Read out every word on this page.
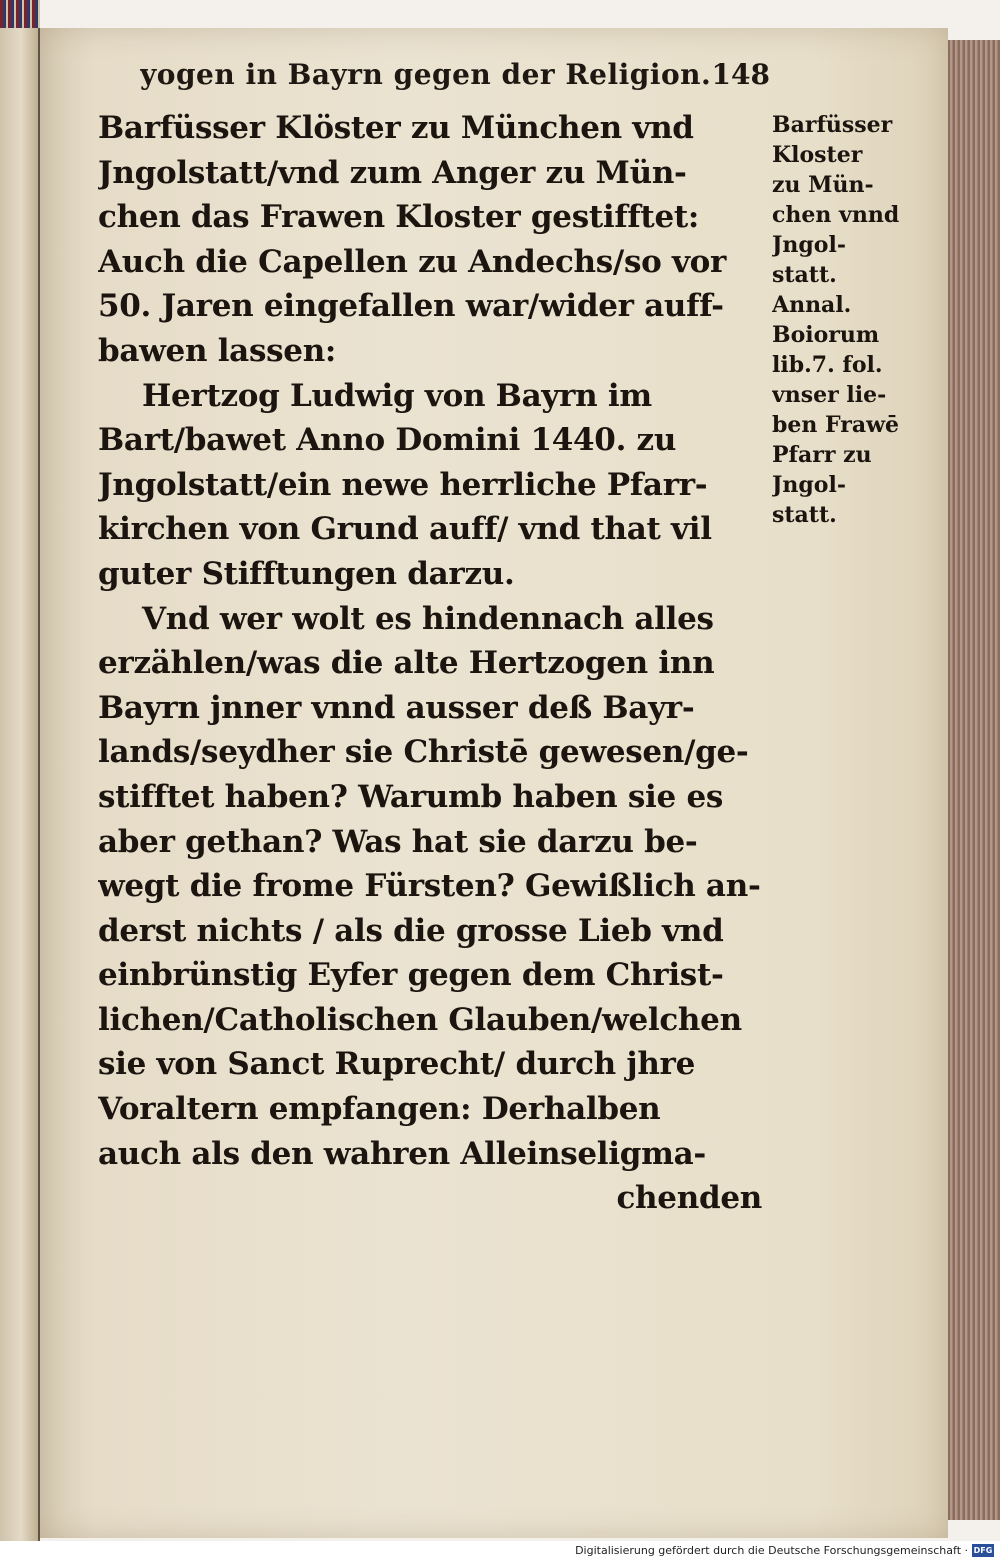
yogen in Bayrn gegen der Religion. 148
Barfüsser Klöster zu München vnd
Jngolstatt/vnd zum Anger zu Mün-
chen das Frawen Kloster gestifftet:
Auch die Capellen zu Andechs/so vor
50. Jaren eingefallen war/wider auff-
bawen lassen:
Hertzog Ludwig von Bayrn im
Bart/bawet Anno Domini 1440. zu
Jngolstatt/ein newe herrliche Pfarr-
kirchen von Grund auff/ vnd that vil
guter Stifftungen darzu.
Vnd wer wolt es hindennach alles
erzählen/was die alte Hertzogen inn
Bayrn jnner vnnd ausser deß Bayr-
lands/seydher sie Christē gewesen/ge-
stifftet haben? Warumb haben sie es
aber gethan? Was hat sie darzu be-
wegt die frome Fürsten? Gewißlich an-
derst nichts / als die grosse Lieb vnd
einbrünstig Eyfer gegen dem Christ-
lichen/Catholischen Glauben/welchen
sie von Sanct Ruprecht/ durch jhre
Voraltern empfangen: Derhalben
auch als den wahren Alleinseligma-
chenden
Barfüsser
Kloster
zu Mün-
chen vnnd
Jngol-
statt.
Annal.
Boiorum
lib.7. fol.
vnser lie-
ben Frawē
Pfarr zu
Jngol-
statt.
Digitalisierung gefördert durch die Deutsche Forschungsgemeinschaft · DFG
